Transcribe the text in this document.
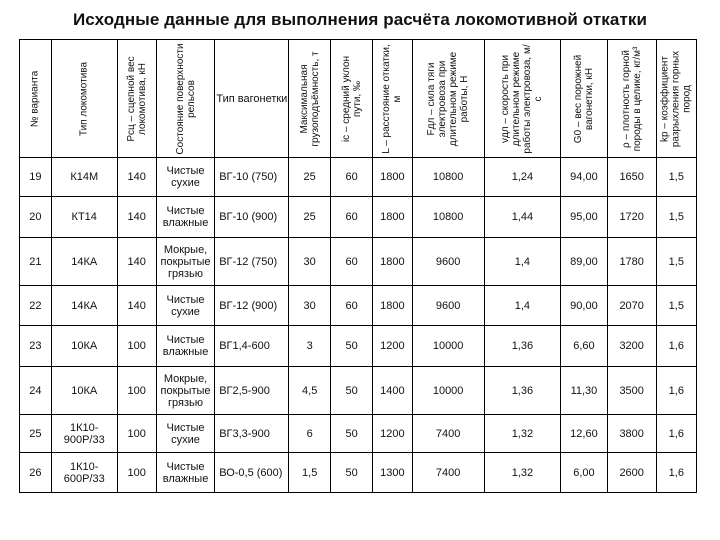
Исходные данные для выполнения расчёта локомотивной откатки
№ варианта	Тип локомотива	Pсц – сцепной вес локомотива, кН	Состояние поверхности рельсов	Тип вагонетки	Максимальная грузоподъёмность, т	iс – средний уклон пути, ‰	L – расстояние откатки, м	Fдл – сила тяги электровоза при длительном режиме работы, Н	vдл – скорость при длительном режиме работы электровоза, м/с	G0 – вес порожней вагонетки, кН	ρ – плотность горной породы в целике, кг/м³	kp – коэффициент разрыхления горных пород

19	К14М	140	Чистые сухие	ВГ-10 (750)	25	60	1800	10800	1,24	94,00	1650	1,5
20	КТ14	140	Чистые влажные	ВГ-10 (900)	25	60	1800	10800	1,44	95,00	1720	1,5
21	14КА	140	Мокрые, покрытые грязью	ВГ-12 (750)	30	60	1800	9600	1,4	89,00	1780	1,5
22	14КА	140	Чистые сухие	ВГ-12 (900)	30	60	1800	9600	1,4	90,00	2070	1,5
23	10КА	100	Чистые влажные	ВГ1,4-600	3	50	1200	10000	1,36	6,60	3200	1,6
24	10КА	100	Мокрые, покрытые грязью	ВГ2,5-900	4,5	50	1400	10000	1,36	11,30	3500	1,6
25	1К10-900Р/33	100	Чистые сухие	ВГ3,3-900	6	50	1200	7400	1,32	12,60	3800	1,6
26	1К10-600Р/33	100	Чистые влажные	ВО-0,5 (600)	1,5	50	1300	7400	1,32	6,00	2600	1,6
